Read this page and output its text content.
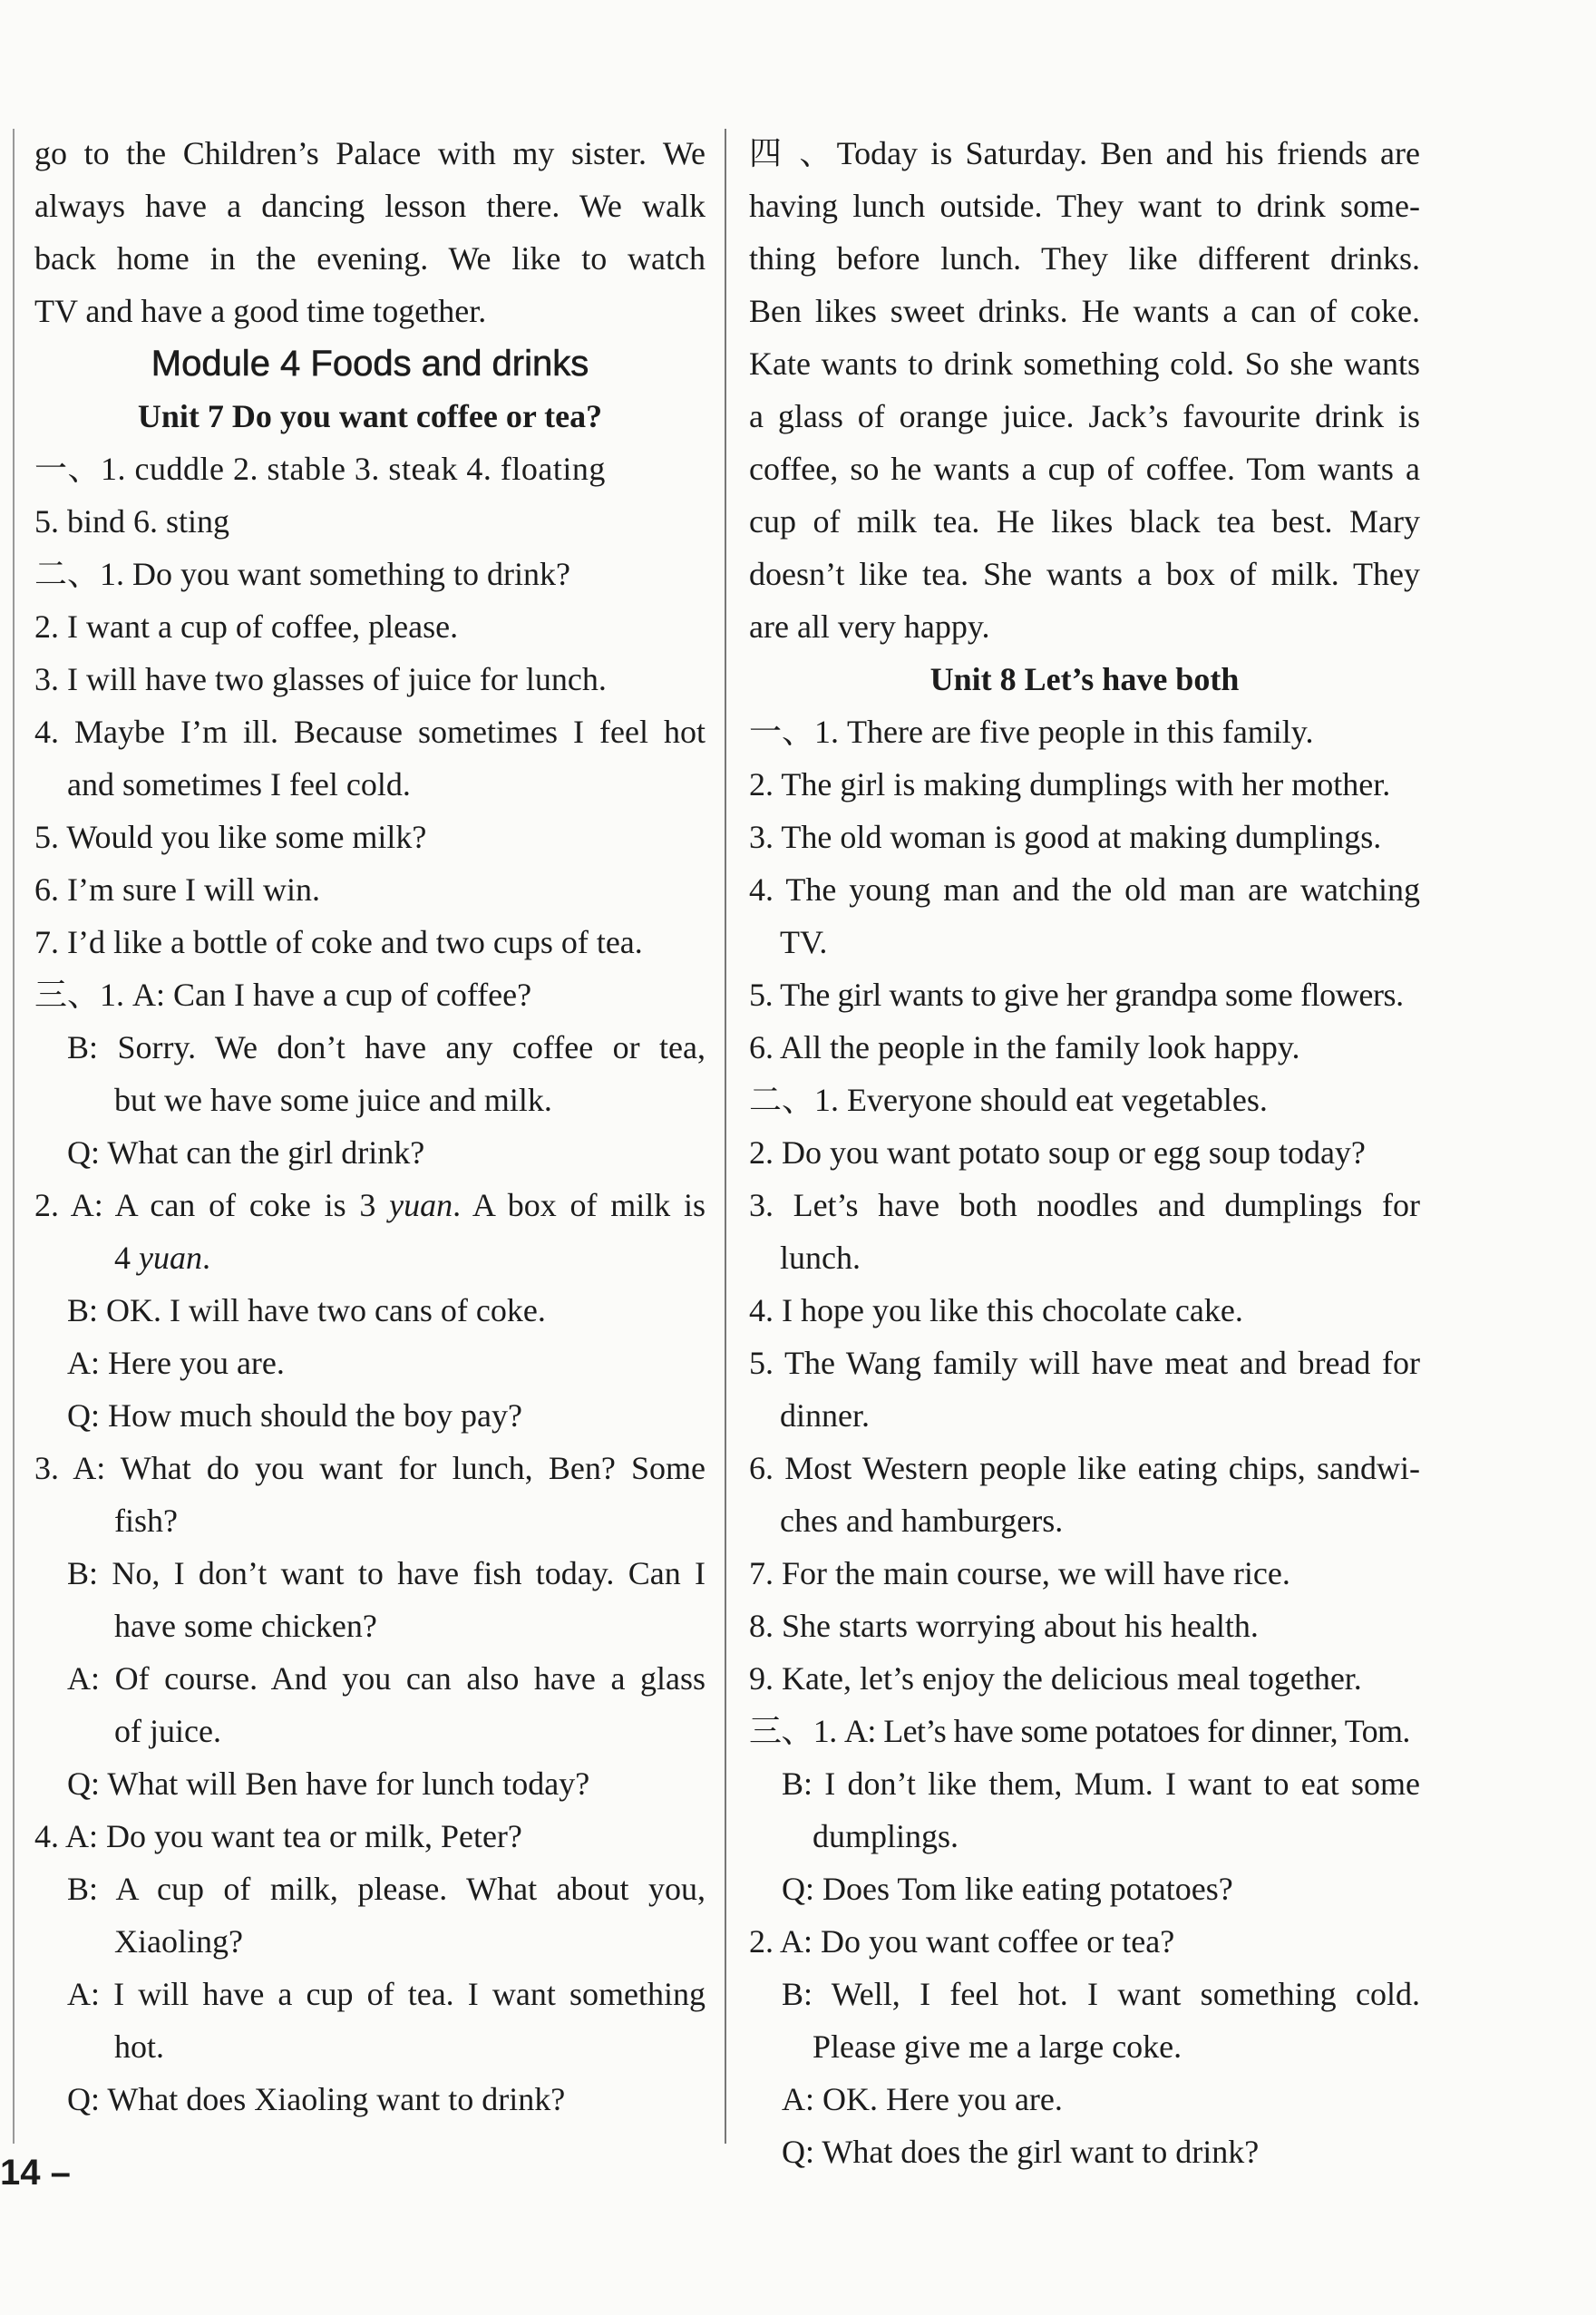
go to the Children’s Palace with my sister. We

always have a dancing lesson there. We walk

back home in the evening. We like to watch

TV and have a good time together.

Module 4 Foods and drinks

Unit 7 Do you want coffee or tea?

一、1. cuddle 2. stable 3. steak 4. floating

5. bind 6. sting

二、1. Do you want something to drink?

2. I want a cup of coffee, please.

3. I will have two glasses of juice for lunch.

4. Maybe I’m ill. Because sometimes I feel hot

and sometimes I feel cold.

5. Would you like some milk?

6. I’m sure I will win.

7. I’d like a bottle of coke and two cups of tea.

三、1. A: Can I have a cup of coffee?

B: Sorry. We don’t have any coffee or tea,

but we have some juice and milk.

Q: What can the girl drink?

2. A: A can of coke is 3 yuan. A box of milk is

4 yuan.

B: OK. I will have two cans of coke.

A: Here you are.

Q: How much should the boy pay?

3. A: What do you want for lunch, Ben? Some

fish?

B: No, I don’t want to have fish today. Can I

have some chicken?

A: Of course. And you can also have a glass

of juice.

Q: What will Ben have for lunch today?

4. A: Do you want tea or milk, Peter?

B: A cup of milk, please. What about you,

Xiaoling?

A: I will have a cup of tea. I want something

hot.

Q: What does Xiaoling want to drink?

四 、Today is Saturday. Ben and his friends are

having lunch outside. They want to drink some-

thing before lunch. They like different drinks.

Ben likes sweet drinks. He wants a can of coke.

Kate wants to drink something cold. So she wants

a glass of orange juice. Jack’s favourite drink is

coffee, so he wants a cup of coffee. Tom wants a

cup of milk tea. He likes black tea best. Mary

doesn’t like tea. She wants a box of milk. They

are all very happy.

Unit 8 Let’s have both

一、1. There are five people in this family.

2. The girl is making dumplings with her mother.

3. The old woman is good at making dumplings.

4. The young man and the old man are watching

TV.

5. The girl wants to give her grandpa some flowers.

6. All the people in the family look happy.

二、1. Everyone should eat vegetables.

2. Do you want potato soup or egg soup today?

3. Let’s have both noodles and dumplings for

lunch.

4. I hope you like this chocolate cake.

5. The Wang family will have meat and bread for

dinner.

6. Most Western people like eating chips, sandwi-

ches and hamburgers.

7. For the main course, we will have rice.

8. She starts worrying about his health.

9. Kate, let’s enjoy the delicious meal together.

三、1. A: Let’s have some potatoes for dinner, Tom.

B: I don’t like them, Mum. I want to eat some

dumplings.

Q: Does Tom like eating potatoes?

2. A: Do you want coffee or tea?

B: Well, I feel hot. I want something cold.

Please give me a large coke.

A: OK. Here you are.

Q: What does the girl want to drink?

14 –
